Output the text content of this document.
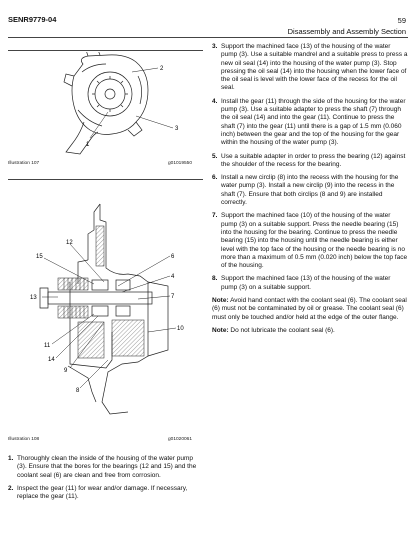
SENR9779-04	59
Disassembly and Assembly Section
2
3
1
Illustration 107	g01019550
12
15	6
4
7
13
10
11
14
9
8
Illustration 108	g01020061
1. Thoroughly clean the inside of the housing of the water pump (3). Ensure that the bores for the bearings (12 and 15) and the coolant seal (6) are clean and free from corrosion.
2. Inspect the gear (11) for wear and/or damage. If necessary, replace the gear (11).
3. Support the machined face (13) of the housing of the water pump (3). Use a suitable mandrel and a suitable press to press a new oil seal (14) into the housing of the water pump (3). Stop pressing the oil seal (14) into the housing when the lower face of the oil seal is level with the lower face of the recess for the oil seal.
4. Install the gear (11) through the side of the housing for the water pump (3). Use a suitable adapter to press the shaft (7) through the oil seal (14) and into the gear (11). Continue to press the shaft (7) into the gear (11) until there is a gap of 1.5 mm (0.060 inch) between the gear and the top of the housing for the gear within the housing of the water pump (3).
5. Use a suitable adapter in order to press the bearing (12) against the shoulder of the recess for the bearing.
6. Install a new circlip (8) into the recess with the housing for the water pump (3). Install a new circlip (9) into the recess in the shaft (7). Ensure that both circlips (8 and 9) are installed correctly.
7. Support the machined face (10) of the housing of the water pump (3) on a suitable support. Press the needle bearing (15) into the housing for the bearing. Continue to press the needle bearing (15) into the housing until the needle bearing is either level with the top face of the housing or the needle bearing is no more than a maximum of 0.5 mm (0.020 inch) below the top face of the housing.
8. Support the machined face (13) of the housing of the water pump (3) on a suitable support.
Note: Avoid hand contact with the coolant seal (6). The coolant seal (6) must not be contaminated by oil or grease. The coolant seal (6) must only be touched and/or held at the edge of the outer flange.
Note: Do not lubricate the coolant seal (6).
